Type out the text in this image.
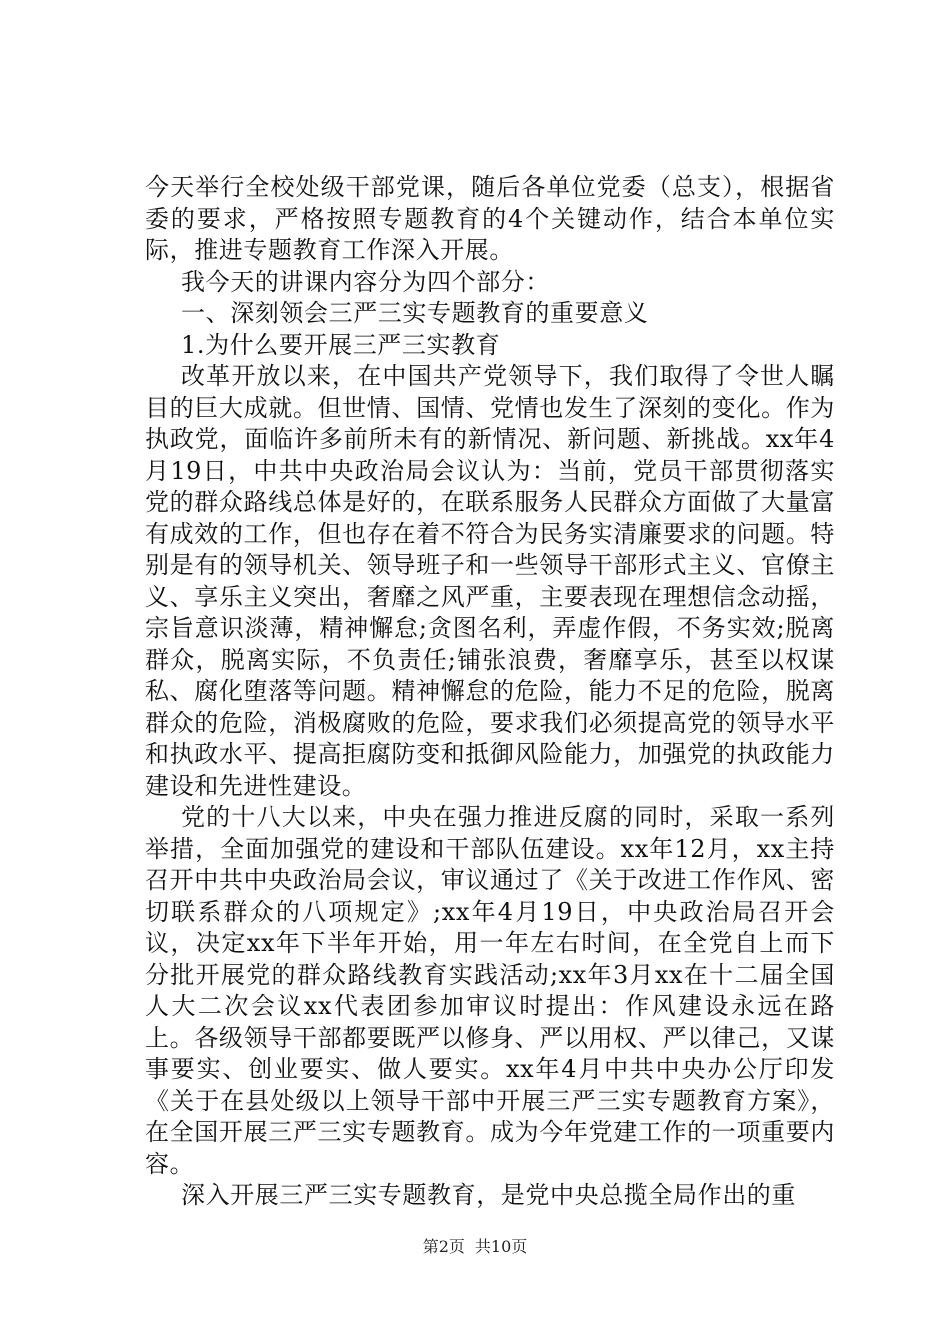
今天举行全校处级干部党课，随后各单位党委（总支），根据省委的要求，严格按照专题教育的4个关键动作，结合本单位实际，推进专题教育工作深入开展。

我今天的讲课内容分为四个部分：

一、深刻领会三严三实专题教育的重要意义

1.为什么要开展三严三实教育

改革开放以来，在中国共产党领导下，我们取得了令世人瞩目的巨大成就。但世情、国情、党情也发生了深刻的变化。作为执政党，面临许多前所未有的新情况、新问题、新挑战。xx年4月19日，中共中央政治局会议认为：当前，党员干部贯彻落实党的群众路线总体是好的，在联系服务人民群众方面做了大量富有成效的工作，但也存在着不符合为民务实清廉要求的问题。特别是有的领导机关、领导班子和一些领导干部形式主义、官僚主义、享乐主义突出，奢靡之风严重，主要表现在理想信念动摇，宗旨意识淡薄，精神懈怠;贪图名利，弄虚作假，不务实效;脱离群众，脱离实际，不负责任;铺张浪费，奢靡享乐，甚至以权谋私、腐化堕落等问题。精神懈怠的危险，能力不足的危险，脱离群众的危险，消极腐败的危险，要求我们必须提高党的领导水平和执政水平、提高拒腐防变和抵御风险能力，加强党的执政能力建设和先进性建设。

党的十八大以来，中央在强力推进反腐的同时，采取一系列举措，全面加强党的建设和干部队伍建设。xx年12月，xx主持召开中共中央政治局会议，审议通过了《关于改进工作作风、密切联系群众的八项规定》;xx年4月19日，中央政治局召开会议，决定xx年下半年开始，用一年左右时间，在全党自上而下分批开展党的群众路线教育实践活动;xx年3月xx在十二届全国人大二次会议xx代表团参加审议时提出：作风建设永远在路上。各级领导干部都要既严以修身、严以用权、严以律己，又谋事要实、创业要实、做人要实。xx年4月中共中央办公厅印发《关于在县处级以上领导干部中开展三严三实专题教育方案》，在全国开展三严三实专题教育。成为今年党建工作的一项重要内容。

深入开展三严三实专题教育，是党中央总揽全局作出的重

第2页 共10页
